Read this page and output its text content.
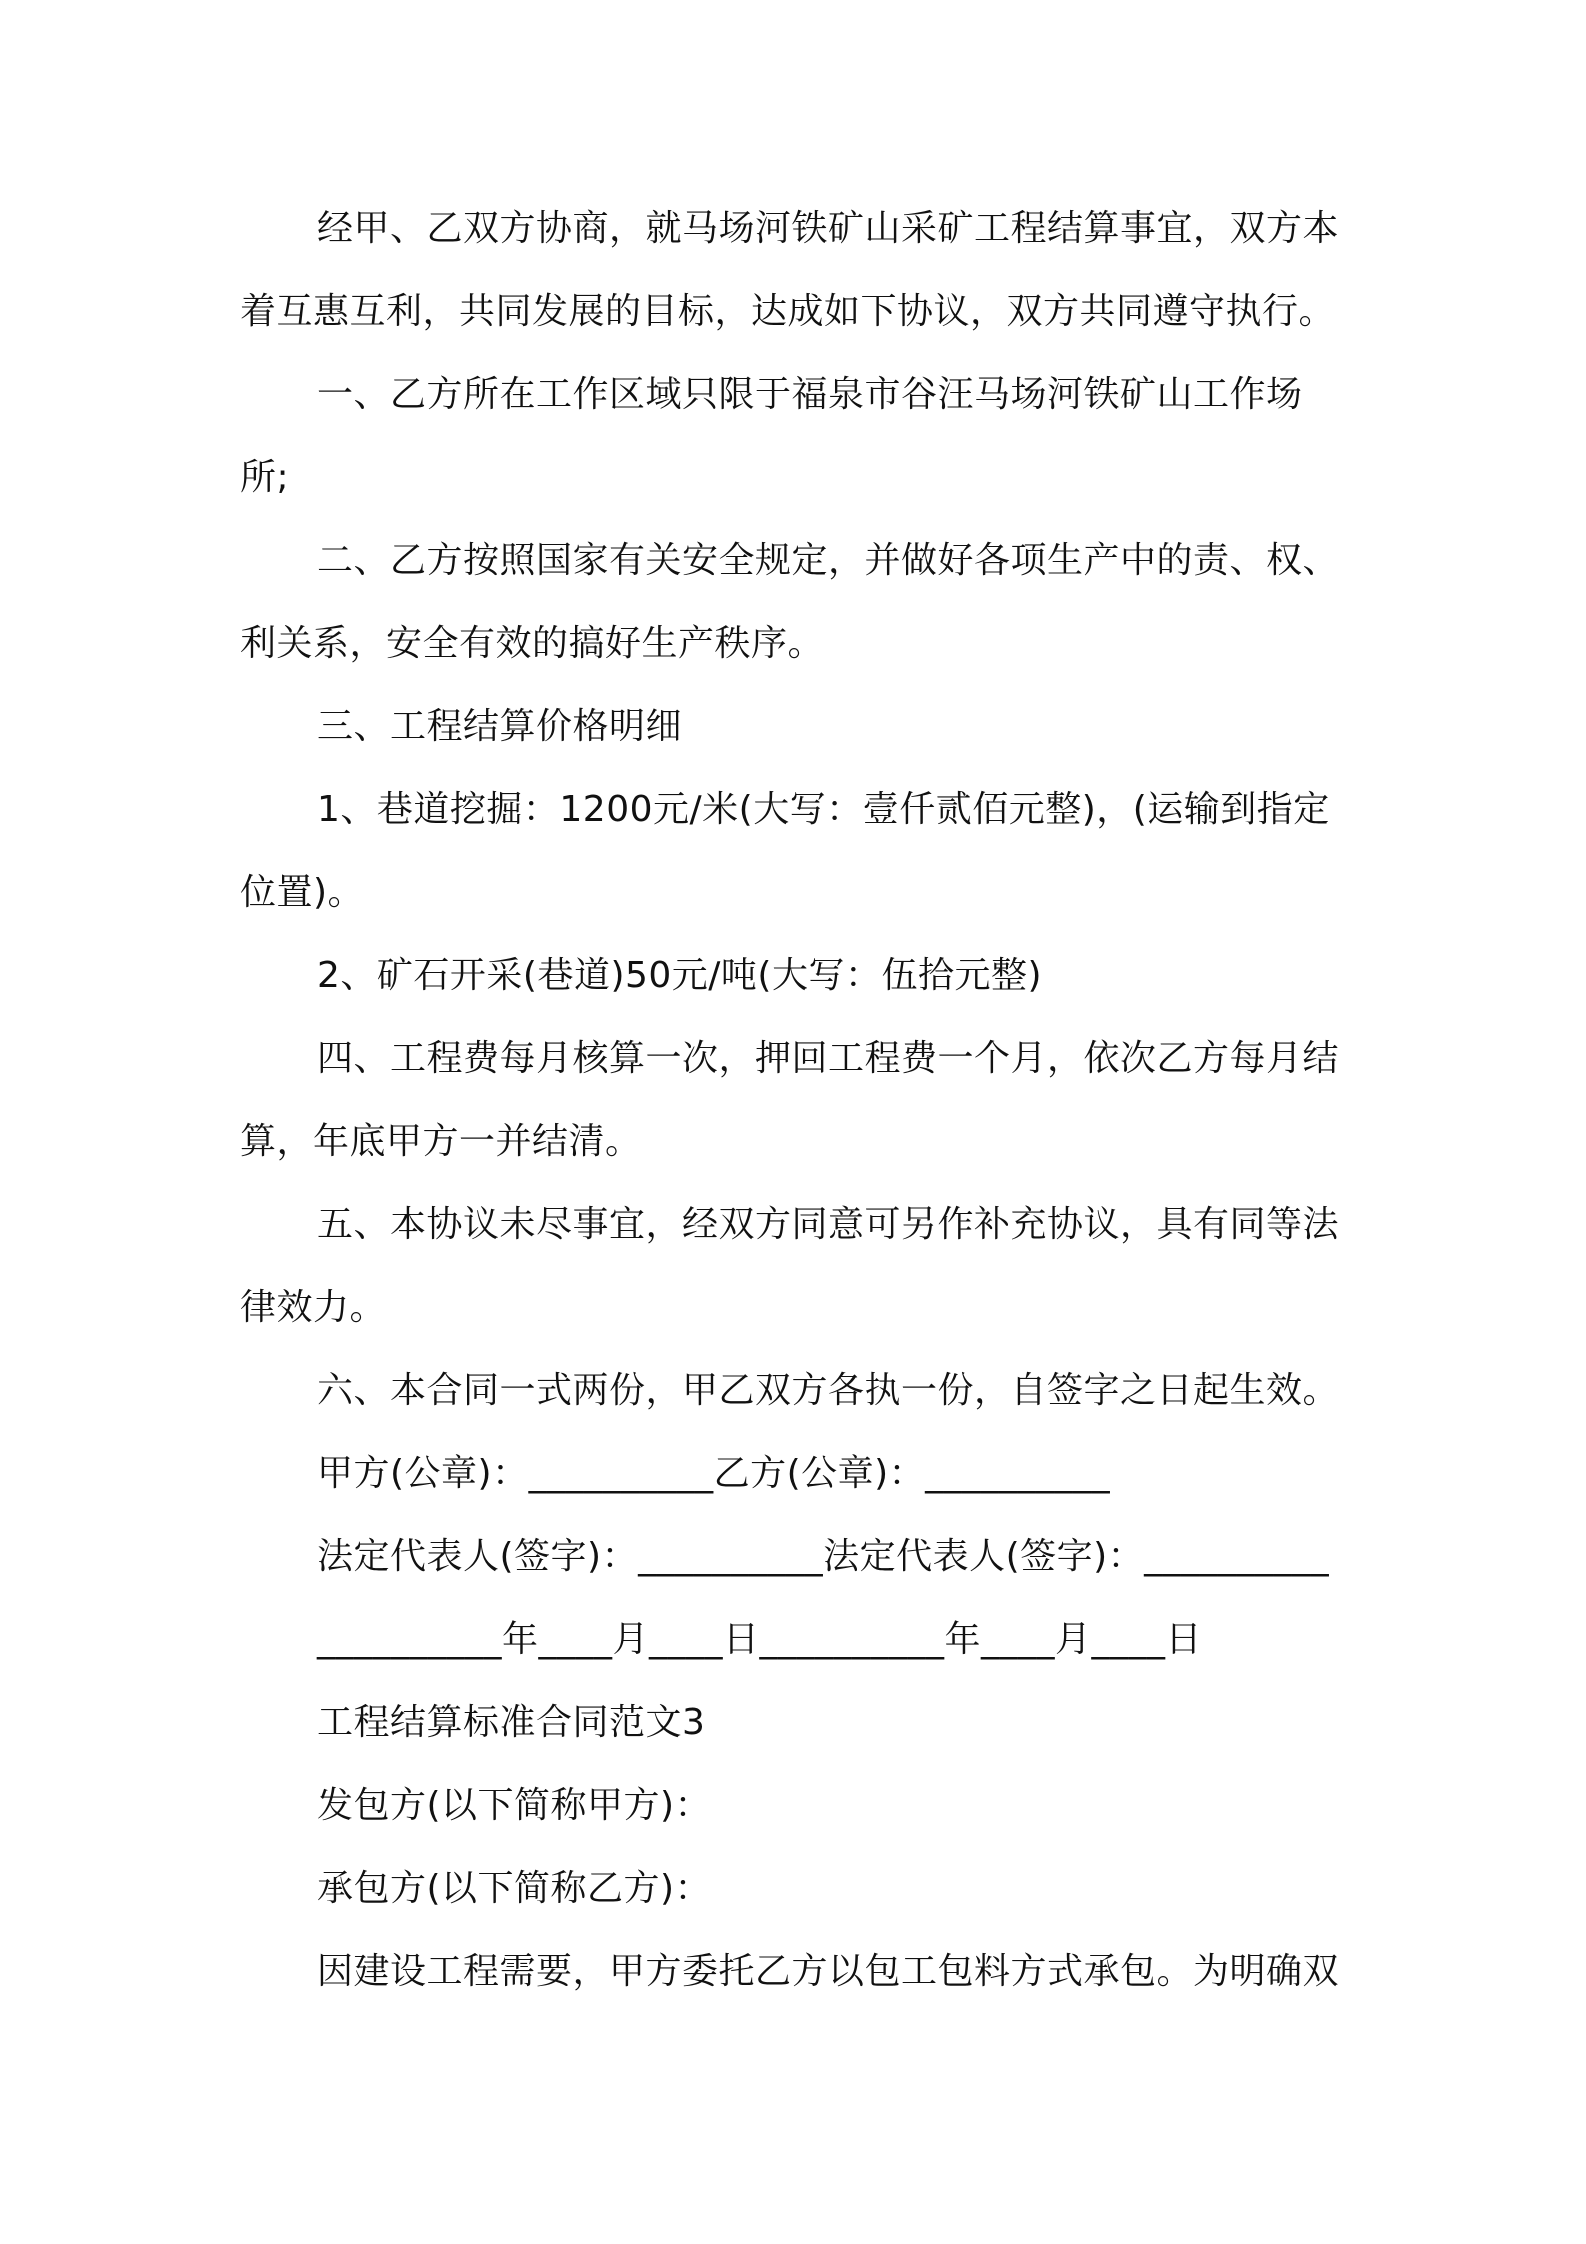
经甲、乙双方协商，就马场河铁矿山采矿工程结算事宜，双方本着互惠互利，共同发展的目标，达成如下协议，双方共同遵守执行。
一、乙方所在工作区域只限于福泉市谷汪马场河铁矿山工作场所;
二、乙方按照国家有关安全规定，并做好各项生产中的责、权、利关系，安全有效的搞好生产秩序。
三、工程结算价格明细
1、巷道挖掘：1200元/米(大写：壹仟贰佰元整)，(运输到指定位置)。
2、矿石开采(巷道)50元/吨(大写：伍拾元整)
四、工程费每月核算一次，押回工程费一个月，依次乙方每月结算，年底甲方一并结清。
五、本协议未尽事宜，经双方同意可另作补充协议，具有同等法律效力。
六、本合同一式两份，甲乙双方各执一份，自签字之日起生效。
甲方(公章)：__________乙方(公章)：__________
法定代表人(签字)：__________法定代表人(签字)：__________
__________年____月____日__________年____月____日
工程结算标准合同范文3
发包方(以下简称甲方)：
承包方(以下简称乙方)：
因建设工程需要，甲方委托乙方以包工包料方式承包。为明确双
